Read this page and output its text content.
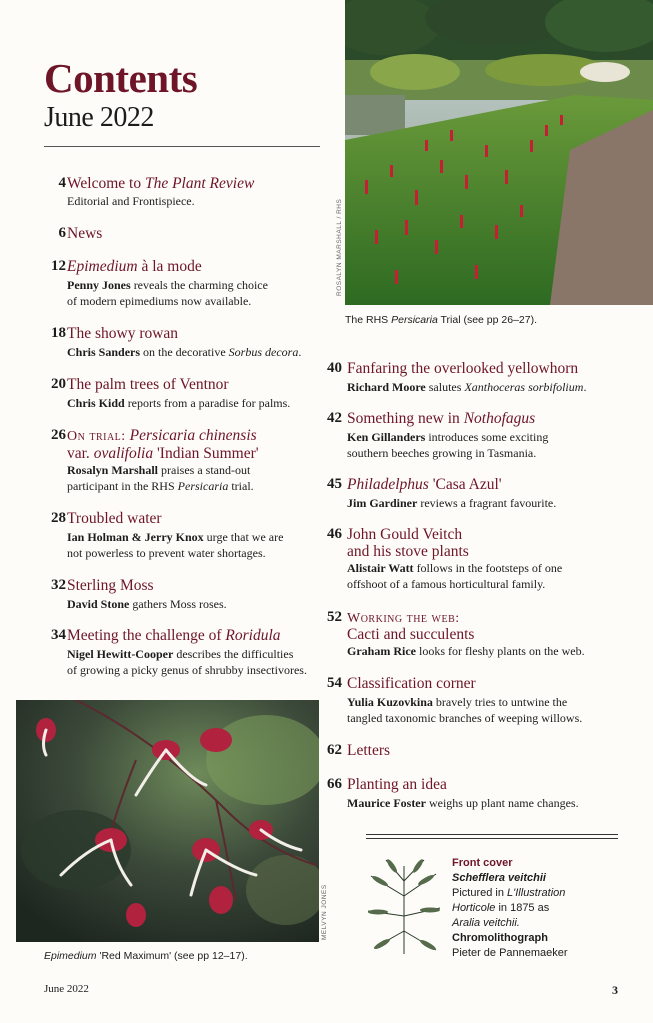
Contents
June 2022
4 Welcome to The Plant Review
Editorial and Frontispiece.
6 News
12 Epimedium à la mode
Penny Jones reveals the charming choice
of modern epimediums now available.
18 The showy rowan
Chris Sanders on the decorative Sorbus decora.
20 The palm trees of Ventnor
Chris Kidd reports from a paradise for palms.
26 On trial: Persicaria chinensis
var. ovalifolia 'Indian Summer'
Rosalyn Marshall praises a stand-out
participant in the RHS Persicaria trial.
28 Troubled water
Ian Holman & Jerry Knox urge that we are
not powerless to prevent water shortages.
32 Sterling Moss
David Stone gathers Moss roses.
34 Meeting the challenge of Roridula
Nigel Hewitt-Cooper describes the difficulties
of growing a picky genus of shrubby insectivores.
40 Fanfaring the overlooked yellowhorn
Richard Moore salutes Xanthoceras sorbifolium.
42 Something new in Nothofagus
Ken Gillanders introduces some exciting
southern beeches growing in Tasmania.
45 Philadelphus 'Casa Azul'
Jim Gardiner reviews a fragrant favourite.
46 John Gould Veitch
and his stove plants
Alistair Watt follows in the footsteps of one
offshoot of a famous horticultural family.
52 Working the web:
Cacti and succulents
Graham Rice looks for fleshy plants on the web.
54 Classification corner
Yulia Kuzovkina bravely tries to untwine the
tangled taxonomic branches of weeping willows.
62 Letters
66 Planting an idea
Maurice Foster weighs up plant name changes.
ROSALYN MARSHALL / RHS
The RHS Persicaria Trial (see pp 26–27).
MELVYN JONES
Epimedium 'Red Maximum' (see pp 12–17).
Front cover
Schefflera veitchii
Pictured in L'Illustration
Horticole in 1875 as
Aralia veitchii.
Chromolithograph
Pieter de Pannemaeker
June 2022	3
